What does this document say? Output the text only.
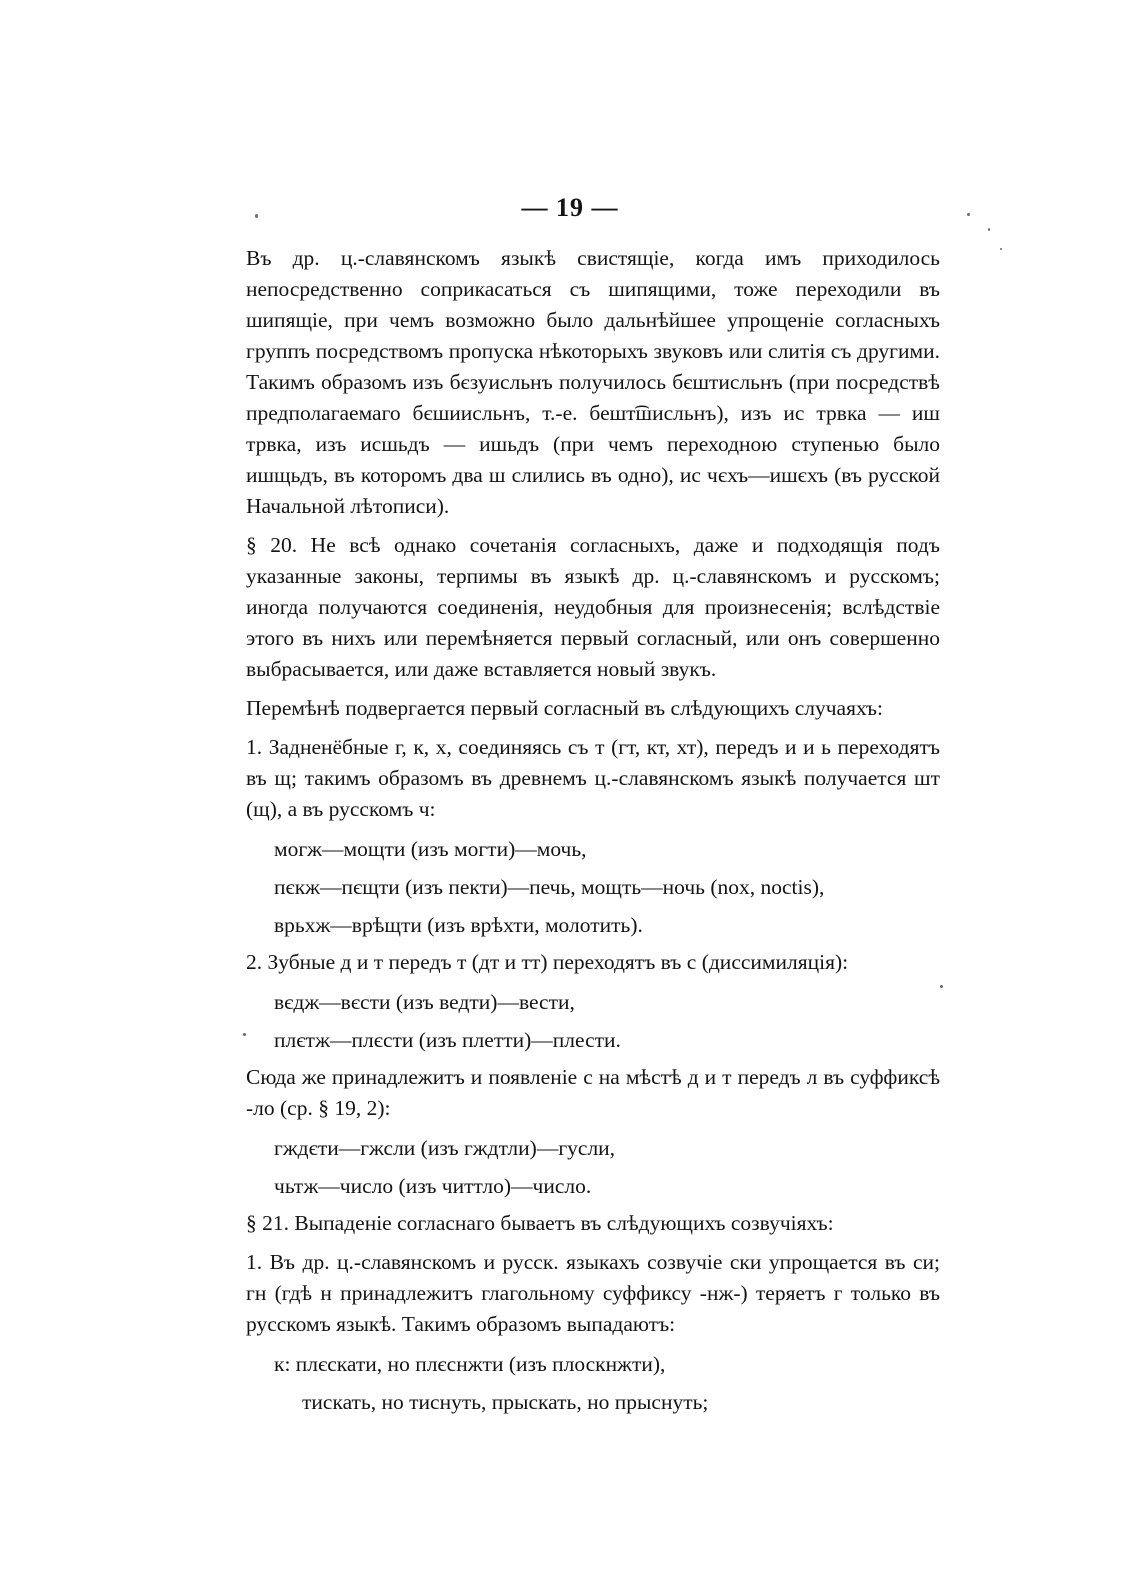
— 19 —

Въ др. ц.-славянскомъ языкѣ свистящіе, когда имъ приходилось непосредственно соприкасаться съ шипящими, тоже переходили въ шипящіе, при чемъ возможно было дальнѣйшее упрощеніе согласныхъ группъ посредствомъ пропуска нѣкоторыхъ звуковъ или слитія съ другими. Такимъ образомъ изъ бєзуисльнъ получилось бєштисльнъ (при посредствѣ предполагаемаго бєшиисльнъ, т.-е. бешт͡шисльнъ), изъ ис трвка — иш трвка, изъ исшьдъ — ишьдъ (при чемъ переходною ступенью было ишщьдъ, въ которомъ два ш слились въ одно), ис чєхъ—ишєхъ (въ русской Начальной лѣтописи).

§ 20. Не всѣ однако сочетанія согласныхъ, даже и подходящія подъ указанные законы, терпимы въ языкѣ др. ц.-славянскомъ и русскомъ; иногда получаются соединенія, неудобныя для произнесенія; вслѣдствіе этого въ нихъ или перемѣняется первый согласный, или онъ совершенно выбрасывается, или даже вставляется новый звукъ.

Перемѣнѣ подвергается первый согласный въ слѣдующихъ случаяхъ:

1. Задненёбные г, к, х, соединяясь съ т (гт, кт, хт), передъ и и ь переходятъ въ щ; такимъ образомъ въ древнемъ ц.-славянскомъ языкѣ получается шт (щ), а въ русскомъ ч:

могж—мощти (изъ могти)—мочь,
пєкж—пєщти (изъ пекти)—печь, мощть—ночь (nox, noctis),
врьхж—врѣщти (изъ врѣхти, молотить).

2. Зубные д и т передъ т (дт и тт) переходятъ въ с (диссимиляція):

вєдж—вєсти (изъ ведти)—вести,
плєтж—плєсти (изъ плетти)—плести.

Сюда же принадлежитъ и появленіе с на мѣстѣ д и т передъ л въ суффиксѣ -ло (ср. § 19, 2):

гждєти—гжсли (изъ гждтли)—гусли,
чьтж—число (изъ читтло)—число.

§ 21. Выпаденіе согласнаго бываетъ въ слѣдующихъ созвучіяхъ:

1. Въ др. ц.-славянскомъ и русск. языкахъ созвучіе ски упрощается въ си; гн (гдѣ н принадлежитъ глагольному суффиксу -нж-) теряетъ г только въ русскомъ языкѣ. Такимъ образомъ выпадаютъ:

к: плєскати, но плєснжти (изъ плоскнжти),
тискать, но тиснуть, прыскать, но прыснуть;
